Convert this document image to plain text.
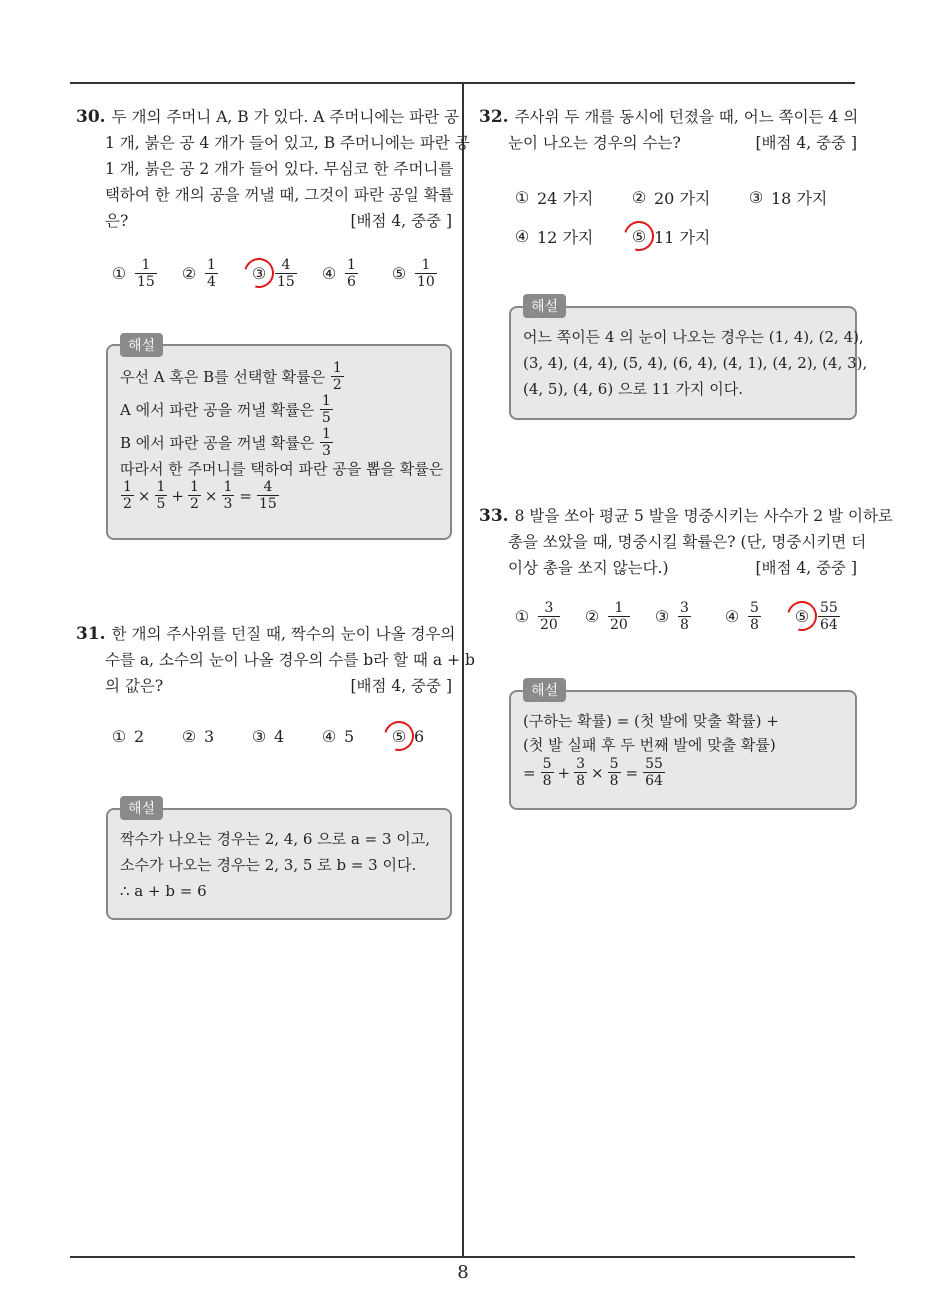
30. 두 개의 주머니 A, B 가 있다. A 주머니에는 파란 공
1 개, 붉은 공 4 개가 들어 있고, B 주머니에는 파란 공
1 개, 붉은 공 2 개가 들어 있다. 무심코 한 주머니를
택하여 한 개의 공을 꺼낼 때, 그것이 파란 공일 확률
은?	[배점 4, 중중 ]
① $\frac{1}{15}$ ② $\frac{1}{4}$ ③ $\frac{4}{15}$ ④ $\frac{1}{6}$ ⑤ $\frac{1}{10}$
우선 A 혹은 B를 선택할 확률은
$\frac{1}{2}$
A 에서 파란 공을 꺼낼 확률은
$\frac{1}{5}$
B 에서 파란 공을 꺼낼 확률은
$\frac{1}{3}$
따라서 한 주머니를 택하여 파란 공을 뽑을 확률은
$\frac{1}{2} \times \frac{1}{5} + \frac{1}{2} \times \frac{1}{3} = \frac{4}{15}$
해설
31. 한 개의 주사위를 던질 때, 짝수의 눈이 나올 경우의
수를 a, 소수의 눈이 나올 경우의 수를 b라 할 때 a + b
의 값은?	[배점 4, 중중 ]
① 2 ② 3 ③ 4 ④ 5 ⑤ 6
짝수가 나오는 경우는 2, 4, 6 으로 a = 3 이고,
소수가 나오는 경우는 2, 3, 5 로 b = 3 이다.
∴ a + b = 6
해설
32. 주사위 두 개를 동시에 던졌을 때, 어느 쪽이든 4 의
눈이 나오는 경우의 수는?	[배점 4, 중중 ]
① 24 가지 ② 20 가지 ③ 18 가지
④ 12 가지 ⑤ 11 가지
어느 쪽이든 4 의 눈이 나오는 경우는 (1, 4), (2, 4),
(3, 4), (4, 4), (5, 4), (6, 4), (4, 1), (4, 2), (4, 3),
(4, 5), (4, 6) 으로 11 가지 이다.
해설
33. 8 발을 쏘아 평균 5 발을 명중시키는 사수가 2 발 이하로
총을 쏘았을 때, 명중시킬 확률은? (단, 명중시키면 더
이상 총을 쏘지 않는다.)	[배점 4, 중중 ]
① $\frac{3}{20}$ ② $\frac{1}{20}$ ③ $\frac{3}{8}$ ④ $\frac{5}{8}$ ⑤ $\frac{55}{64}$
(구하는 확률) = (첫 발에 맞출 확률) +
(첫 발 실패 후 두 번째 발에 맞출 확률)
= $\frac{5}{8} + \frac{3}{8} \times \frac{5}{8} = \frac{55}{64}$
해설
8
